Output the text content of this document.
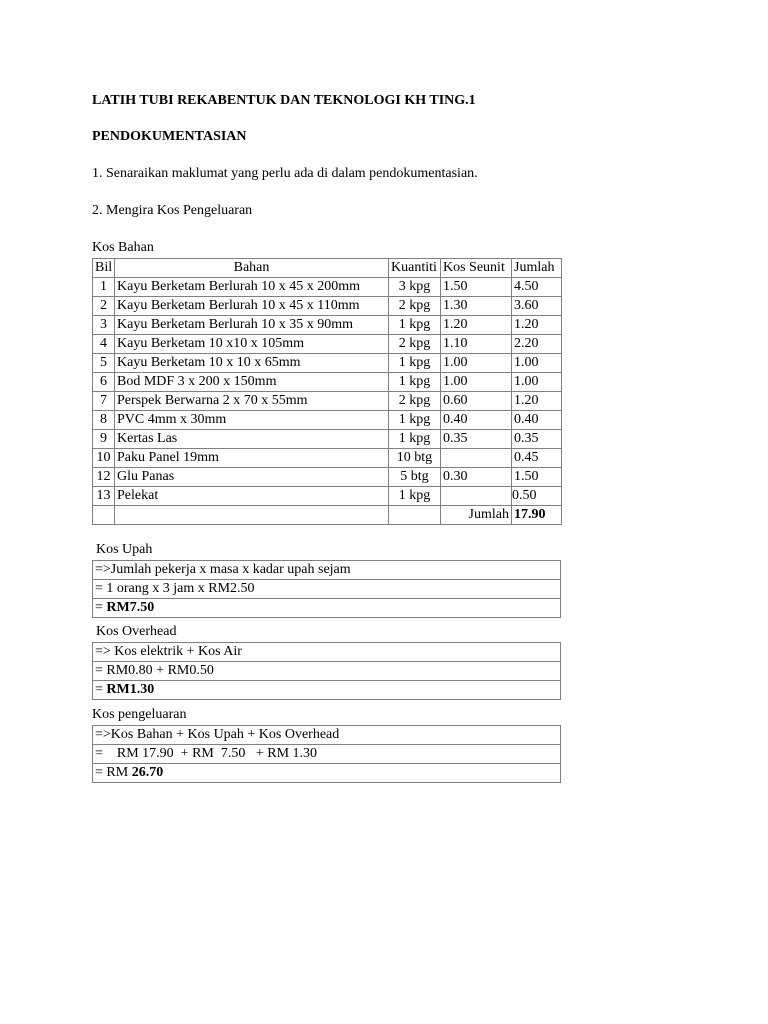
LATIH TUBI REKABENTUK DAN TEKNOLOGI KH TING.1
PENDOKUMENTASIAN
1. Senaraikan maklumat yang perlu ada di dalam pendokumentasian.
2. Mengira Kos Pengeluaran
Kos Bahan
Bil	Bahan	Kuantiti	Kos Seunit	Jumlah
1	Kayu Berketam Berlurah 10 x 45 x 200mm	3 kpg	1.50	4.50
2	Kayu Berketam Berlurah 10 x 45 x 110mm	2 kpg	1.30	3.60
3	Kayu Berketam Berlurah 10 x 35 x 90mm	1 kpg	1.20	1.20
4	Kayu Berketam 10 x10 x 105mm	2 kpg	1.10	2.20
5	Kayu Berketam 10 x 10 x 65mm	1 kpg	1.00	1.00
6	Bod MDF 3 x 200 x 150mm	1 kpg	1.00	1.00
7	Perspek Berwarna 2 x 70 x 55mm	2 kpg	0.60	1.20
8	PVC 4mm x 30mm	1 kpg	0.40	0.40
9	Kertas Las	1 kpg	0.35	0.35
10	Paku Panel 19mm	10 btg		0.45
12	Glu Panas	5 btg	0.30	1.50
13	Pelekat	1 kpg		0.50
			Jumlah	17.90
Kos Upah
=>Jumlah pekerja x masa x kadar upah sejam
= 1 orang x 3 jam x RM2.50
= RM7.50
Kos Overhead
=> Kos elektrik + Kos Air
= RM0.80 + RM0.50
= RM1.30
Kos pengeluaran
=>Kos Bahan + Kos Upah + Kos Overhead
=    RM 17.90  + RM  7.50   + RM 1.30
= RM 26.70
